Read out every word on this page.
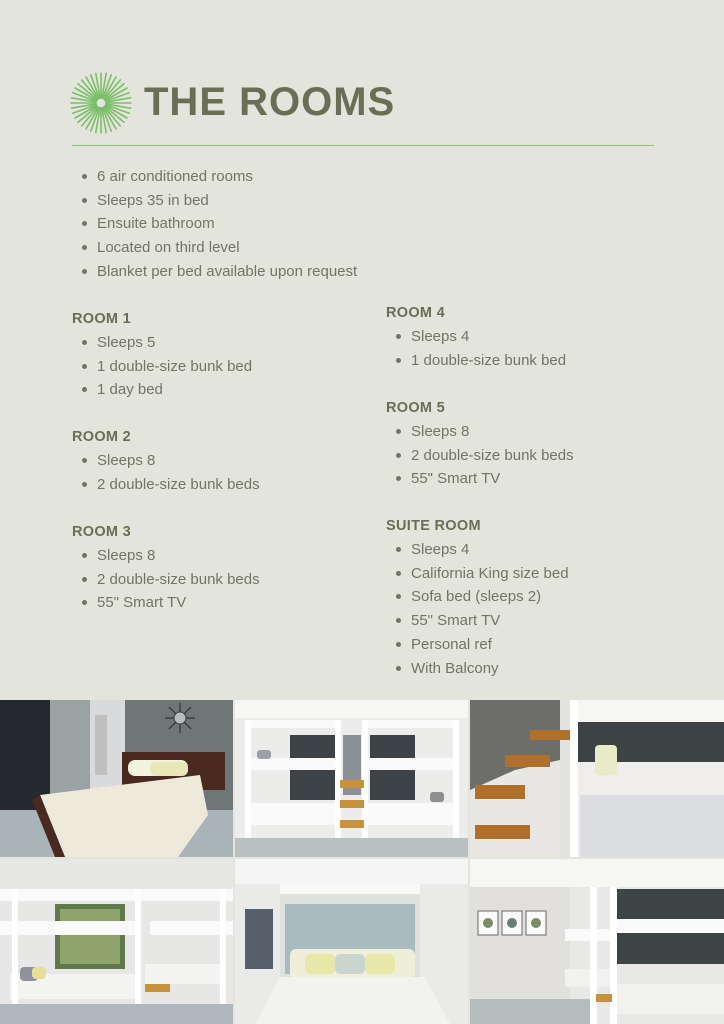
THE ROOMS
6 air conditioned rooms
Sleeps 35 in bed
Ensuite bathroom
Located on third level
Blanket per bed available upon request
ROOM 1
Sleeps 5
1 double-size bunk bed
1 day bed
ROOM 2
Sleeps 8
2 double-size bunk beds
ROOM 3
Sleeps 8
2 double-size bunk beds
55" Smart TV
ROOM 4
Sleeps 4
1 double-size bunk bed
ROOM 5
Sleeps 8
2 double-size bunk beds
55" Smart TV
SUITE ROOM
Sleeps 4
California King size bed
Sofa bed (sleeps 2)
55" Smart TV
Personal ref
With Balcony
